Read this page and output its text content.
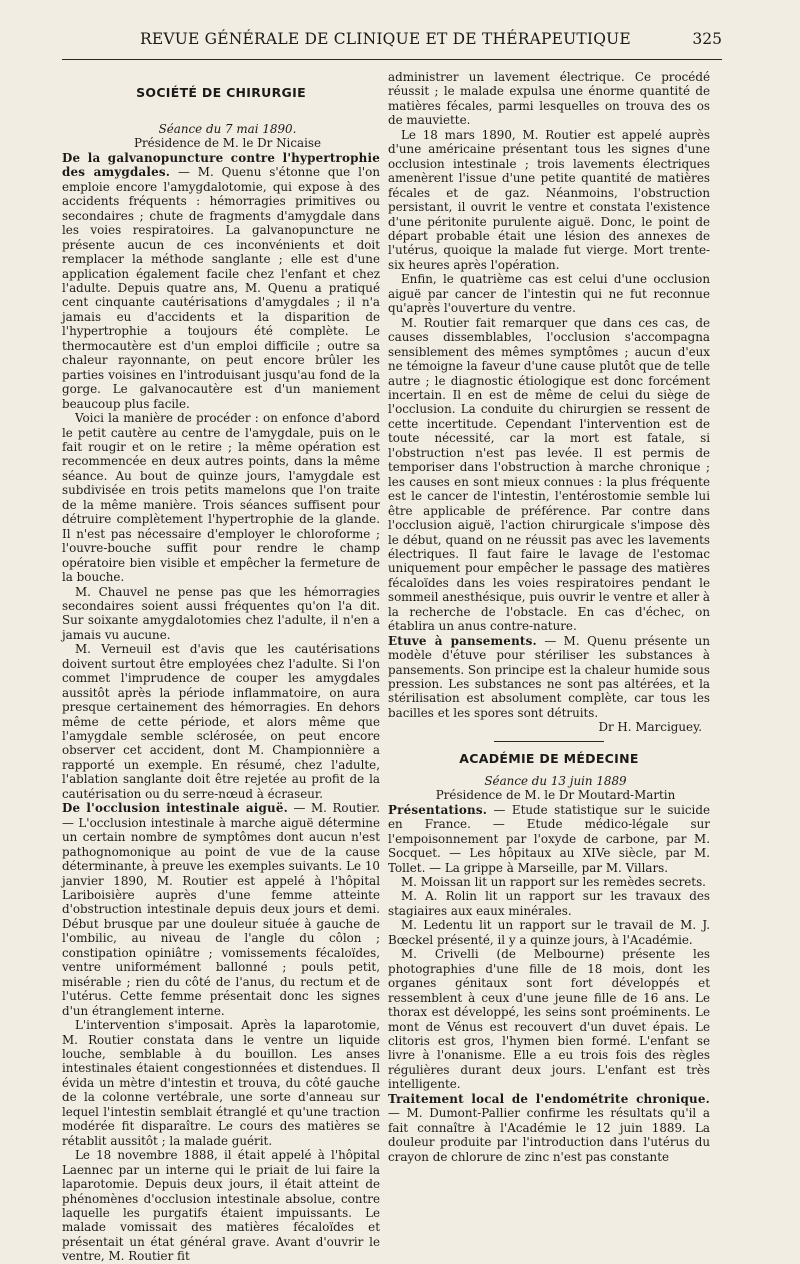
REVUE GÉNÉRALE DE CLINIQUE ET DE THÉRAPEUTIQUE	325
SOCIÉTÉ DE CHIRURGIE

Séance du 7 mai 1890.

Présidence de M. le Dr Nicaise

De la galvanopuncture contre l'hypertrophie des amygdales. — M. Quenu s'étonne que l'on emploie encore l'amygdalotomie, qui expose à des accidents fréquents : hémorragies primitives ou secondaires ; chute de fragments d'amygdale dans les voies respiratoires. La galvanopuncture ne présente aucun de ces inconvénients et doit remplacer la méthode sanglante ; elle est d'une application également facile chez l'enfant et chez l'adulte. Depuis quatre ans, M. Quenu a pratiqué cent cinquante cautérisations d'amygdales ; il n'a jamais eu d'accidents et la disparition de l'hypertrophie a toujours été complète. Le thermocautère est d'un emploi difficile ; outre sa chaleur rayonnante, on peut encore brûler les parties voisines en l'introduisant jusqu'au fond de la gorge. Le galvanocautère est d'un maniement beaucoup plus facile.

Voici la manière de procéder : on enfonce d'abord le petit cautère au centre de l'amygdale, puis on le fait rougir et on le retire ; la même opération est recommencée en deux autres points, dans la même séance. Au bout de quinze jours, l'amygdale est subdivisée en trois petits mamelons que l'on traite de la même manière. Trois séances suffisent pour détruire complètement l'hypertrophie de la glande. Il n'est pas nécessaire d'employer le chloroforme ; l'ouvre-bouche suffit pour rendre le champ opératoire bien visible et empêcher la fermeture de la bouche.

M. Chauvel ne pense pas que les hémorragies secondaires soient aussi fréquentes qu'on l'a dit. Sur soixante amygdalotomies chez l'adulte, il n'en a jamais vu aucune.

M. Verneuil est d'avis que les cautérisations doivent surtout être employées chez l'adulte. Si l'on commet l'imprudence de couper les amygdales aussitôt après la période inflammatoire, on aura presque certainement des hémorragies. En dehors même de cette période, et alors même que l'amygdale semble sclérosée, on peut encore observer cet accident, dont M. Championnière a rapporté un exemple. En résumé, chez l'adulte, l'ablation sanglante doit être rejetée au profit de la cautérisation ou du serre-nœud à écraseur.

De l'occlusion intestinale aiguë. — M. Routier. — L'occlusion intestinale à marche aiguë détermine un certain nombre de symptômes dont aucun n'est pathognomonique au point de vue de la cause déterminante, à preuve les exemples suivants. Le 10 janvier 1890, M. Routier est appelé à l'hôpital Lariboisière auprès d'une femme atteinte d'obstruction intestinale depuis deux jours et demi. Début brusque par une douleur située à gauche de l'ombilic, au niveau de l'angle du côlon ; constipation opiniâtre ; vomissements fécaloïdes, ventre uniformément ballonné ; pouls petit, misérable ; rien du côté de l'anus, du rectum et de l'utérus. Cette femme présentait donc les signes d'un étranglement interne.

L'intervention s'imposait. Après la laparotomie, M. Routier constata dans le ventre un liquide louche, semblable à du bouillon. Les anses intestinales étaient congestionnées et distendues. Il évida un mètre d'intestin et trouva, du côté gauche de la colonne vertébrale, une sorte d'anneau sur lequel l'intestin semblait étranglé et qu'une traction modérée fit disparaître. Le cours des matières se rétablit aussitôt ; la malade guérit.

Le 18 novembre 1888, il était appelé à l'hôpital Laennec par un interne qui le priait de lui faire la laparotomie. Depuis deux jours, il était atteint de phénomènes d'occlusion intestinale absolue, contre laquelle les purgatifs étaient impuissants. Le malade vomissait des matières fécaloïdes et présentait un état général grave. Avant d'ouvrir le ventre, M. Routier fit

administrer un lavement électrique. Ce procédé réussit ; le malade expulsa une énorme quantité de matières fécales, parmi lesquelles on trouva des os de mauviette.

Le 18 mars 1890, M. Routier est appelé auprès d'une américaine présentant tous les signes d'une occlusion intestinale ; trois lavements électriques amenèrent l'issue d'une petite quantité de matières fécales et de gaz. Néanmoins, l'obstruction persistant, il ouvrit le ventre et constata l'existence d'une péritonite purulente aiguë. Donc, le point de départ probable était une lésion des annexes de l'utérus, quoique la malade fut vierge. Mort trente-six heures après l'opération.

Enfin, le quatrième cas est celui d'une occlusion aiguë par cancer de l'intestin qui ne fut reconnue qu'après l'ouverture du ventre.

M. Routier fait remarquer que dans ces cas, de causes dissemblables, l'occlusion s'accompagna sensiblement des mêmes symptômes ; aucun d'eux ne témoigne la faveur d'une cause plutôt que de telle autre ; le diagnostic étiologique est donc forcément incertain. Il en est de même de celui du siège de l'occlusion. La conduite du chirurgien se ressent de cette incertitude. Cependant l'intervention est de toute nécessité, car la mort est fatale, si l'obstruction n'est pas levée. Il est permis de temporiser dans l'obstruction à marche chronique ; les causes en sont mieux connues : la plus fréquente est le cancer de l'intestin, l'entérostomie semble lui être applicable de préférence. Par contre dans l'occlusion aiguë, l'action chirurgicale s'impose dès le début, quand on ne réussit pas avec les lavements électriques. Il faut faire le lavage de l'estomac uniquement pour empêcher le passage des matières fécaloïdes dans les voies respiratoires pendant le sommeil anesthésique, puis ouvrir le ventre et aller à la recherche de l'obstacle. En cas d'échec, on établira un anus contre-nature.

Etuve à pansements. — M. Quenu présente un modèle d'étuve pour stériliser les substances à pansements. Son principe est la chaleur humide sous pression. Les substances ne sont pas altérées, et la stérilisation est absolument complète, car tous les bacilles et les spores sont détruits.

Dr H. Marciguey.

ACADÉMIE DE MÉDECINE

Séance du 13 juin 1889

Présidence de M. le Dr Moutard-Martin

Présentations. — Etude statistique sur le suicide en France. — Etude médico-légale sur l'empoisonnement par l'oxyde de carbone, par M. Socquet. — Les hôpitaux au XIVe siècle, par M. Tollet. — La grippe à Marseille, par M. Villars.

M. Moissan lit un rapport sur les remèdes secrets.

M. A. Rolin lit un rapport sur les travaux des stagiaires aux eaux minérales.

M. Ledentu lit un rapport sur le travail de M. J. Bœckel présenté, il y a quinze jours, à l'Académie.

M. Crivelli (de Melbourne) présente les photographies d'une fille de 18 mois, dont les organes génitaux sont fort développés et ressemblent à ceux d'une jeune fille de 16 ans. Le thorax est développé, les seins sont proéminents. Le mont de Vénus est recouvert d'un duvet épais. Le clitoris est gros, l'hymen bien formé. L'enfant se livre à l'onanisme. Elle a eu trois fois des règles régulières durant deux jours. L'enfant est très intelligente.

Traitement local de l'endométrite chronique. — M. Dumont-Pallier confirme les résultats qu'il a fait connaître à l'Académie le 12 juin 1889. La douleur produite par l'introduction dans l'utérus du crayon de chlorure de zinc n'est pas constante
